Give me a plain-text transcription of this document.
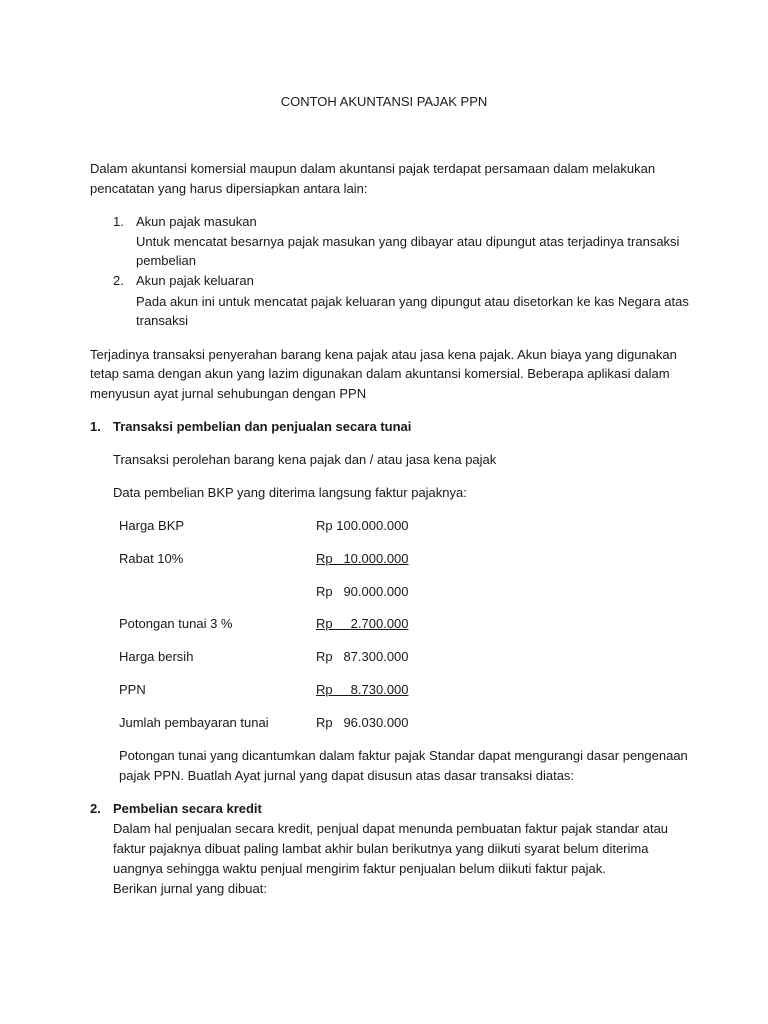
CONTOH AKUNTANSI PAJAK PPN
Dalam akuntansi komersial maupun dalam akuntansi pajak terdapat persamaan dalam melakukan
pencatatan yang harus dipersiapkan antara lain:
1. Akun pajak masukan
Untuk mencatat besarnya pajak masukan yang dibayar atau dipungut atas terjadinya transaksi
pembelian
2. Akun pajak keluaran
Pada akun ini untuk mencatat pajak keluaran yang dipungut atau disetorkan ke kas Negara atas
transaksi
Terjadinya transaksi penyerahan barang kena pajak atau jasa kena pajak. Akun biaya yang digunakan
tetap sama dengan akun yang lazim digunakan dalam akuntansi komersial. Beberapa aplikasi dalam
menyusun ayat jurnal sehubungan dengan PPN
1. Transaksi pembelian dan penjualan secara tunai
Transaksi perolehan barang kena pajak dan / atau jasa kena pajak
Data pembelian BKP yang diterima langsung faktur pajaknya:
Harga BKP	Rp 100.000.000
Rabat 10%	Rp   10.000.000
Rp   90.000.000
Potongan tunai 3 %	Rp     2.700.000
Harga bersih	Rp   87.300.000
PPN	Rp     8.730.000
Jumlah pembayaran tunai	Rp   96.030.000
Potongan tunai yang dicantumkan dalam faktur pajak Standar dapat mengurangi dasar pengenaan
pajak PPN. Buatlah Ayat jurnal yang dapat disusun atas dasar transaksi diatas:
2. Pembelian secara kredit
Dalam hal penjualan secara kredit, penjual dapat menunda pembuatan faktur pajak standar atau
faktur pajaknya dibuat paling lambat akhir bulan berikutnya yang diikuti syarat belum diterima
uangnya sehingga waktu penjual mengirim faktur penjualan belum diikuti faktur pajak.
Berikan jurnal yang dibuat:
